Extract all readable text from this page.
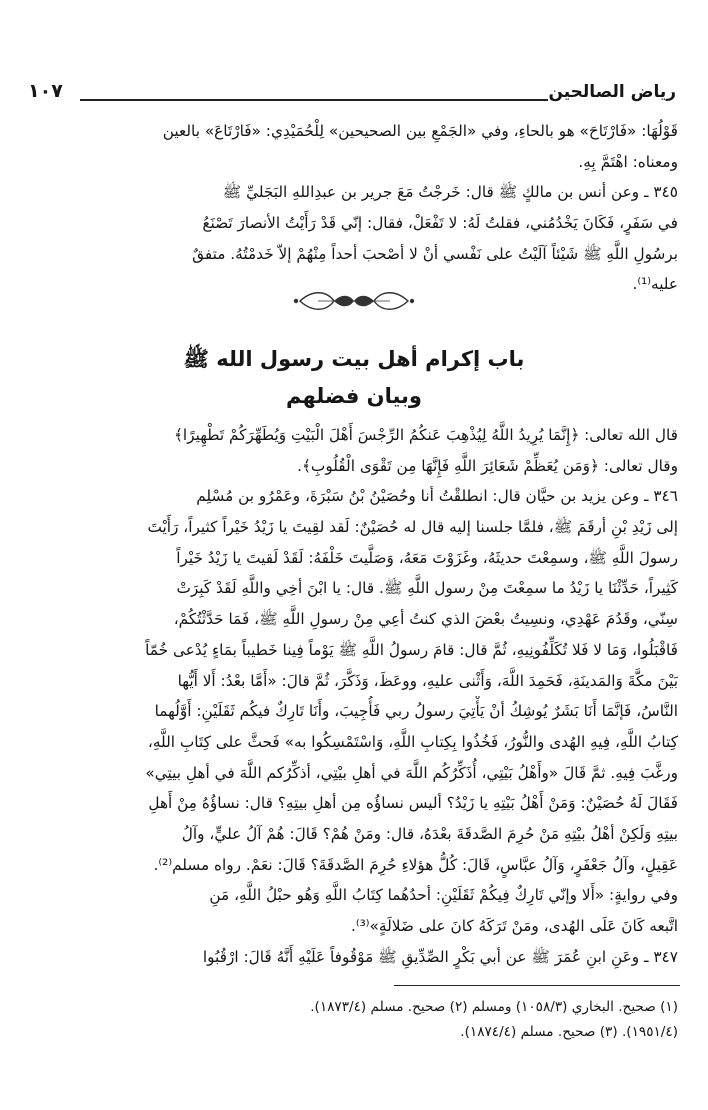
رياض الصالحين
١٠٧
قَوْلُهَا: «فَارْتَاحَ» هو بالحاءِ، وفي «الجَمْعِ بين الصحيحين» لِلْحُمَيْدِي: «فَارْتَاعَ» بالعين
ومعناه: اهْتَمَّ بِهِ.
٣٤٥ ـ وعن أنس بن مالكٍ ﷺ قال: خَرجْتُ مَعَ جرير بن عبدِاللهِ البَجَليِّ ﷺ
في سَفَرٍ، فَكَانَ يَخْدُمُني، فقلتُ لَهُ: لا تَفْعَلْ، فقال: إنّي قَدْ رَأَيْتُ الأنصارَ تَصْنَعُ
برسُولِ اللَّهِ ﷺ شَيْئاً آلَيْتُ على نَفْسي أنْ لا أصْحبَ أحداً مِنْهُمْ إلاّ خَدمْتُهُ. متفقٌ
عليه⁽¹⁾.
باب إكرام أهل بيت رسول الله ﷺ
وبيان فضلهم
قال الله تعالى: ﴿إِنَّمَا يُرِيدُ اللَّهُ لِيُذْهِبَ عَنكُمُ الرِّجْسَ أَهْلَ الْبَيْتِ وَيُطَهِّرَكُمْ تَطْهِيرًا﴾
وقال تعالى: ﴿وَمَن يُعَظِّمْ شَعَائِرَ اللَّهِ فَإِنَّهَا مِن تَقْوَى الْقُلُوبِ﴾.
٣٤٦ ـ وعن يزيد بن حيَّان قال: انطلقْتُ أنا وحُصَيْنُ بْنُ سَبْرَةَ، وعَمْرُو بن مُسْلِم
إلى زَيْدِ بْنِ أرقَمَ ﷺ، فلمَّا جلسنا إليه قال له حُصَيْنٌ: لَقد لقِيتَ يا زَيْدُ خَيْراً كثيراً، رَأَيْتَ
رسولَ اللَّهِ ﷺ، وسمِعْتَ حديثَهُ، وغَزَوْتَ مَعَهُ، وَصَلَّيتَ خَلْفَهُ: لَقَدْ لَقيتَ يا زَيْدُ خَيْراً
كَثِيراً، حَدِّثْنَا يا زَيْدُ ما سمِعْتَ مِنْ رسول اللَّهِ ﷺ. قال: يا ابْنَ أخِي واللَّهِ لَقَدْ كَبِرَتْ
سِنّي، وقَدُمَ عَهْدِي، ونسِيتُ بعْضَ الذي كنتُ أعِي مِنْ رسولِ اللَّهِ ﷺ، فَمَا حَدَّثْتُكُمْ،
فَاقْبَلُوا، وَمَا لا فَلا تُكَلِّفُونِيهِ، ثُمَّ قال: قامَ رسولُ اللَّهِ ﷺ يَوْماً فِينا خَطيباً بمَاءٍ يُدْعى خُمّاً
بَيْنَ مكَّةَ وَالمَدينَةِ، فَحَمِدَ اللَّهَ، وَأَثْنى عليهِ، ووعَظَ، وَذَكَّرَ، ثُمَّ قالَ: «أَمَّا بعْدُ: أَلا أَيُّها
النَّاسُ، فَإنَّمَا أَنَا بَشَرٌ يُوشِكُ أنْ يَأْتِيَ رسولُ ربي فَأُجِيبَ، وأَنَا تَارِكٌ فيكُم ثَقَلَيْنِ: أَوَّلُهما
كِتابُ اللَّهِ، فِيهِ الهُدى والنُّورُ، فَخُذُوا بِكِتابِ اللَّهِ، وَاسْتَمْسِكُوا به» فَحثَّ على كِتَابِ اللَّهِ،
ورغَّبَ فِيهِ. ثمَّ قَالَ «وأَهْلُ بَيْتِي، أُذَكِّرُكُم اللَّهَ في أهلِ بيْتِي، أذكِّرُكم اللَّهَ في أهلِ بيتِي»
فَقَالَ لَهُ حُصَيْنٌ: وَمَنْ أَهْلُ بَيْتِهِ يا زَيْدُ؟ أليس نساؤُه مِن أهلِ بيتِهِ؟ قال: نساؤُهُ مِنْ أَهلِ
بيتِهِ وَلَكِنْ أهْلُ بيْتِهِ مَنْ حُرِمَ الصَّدقَةَ بعْدَهُ، قال: ومَنْ هُمْ؟ قَالَ: هُمْ آلُ عليٍّ، وآلُ
عَقِيلٍ، وآلُ جَعْفَرٍ، وَآلُ عبَّاسٍ، قَالَ: كُلُّ هؤلاءِ حُرِمَ الصَّدقَةَ؟ قَالَ: نعَمْ. رواه مسلم⁽²⁾.
وفي روايةٍ: «أَلا وإنّي تَارِكٌ فِيكُمْ ثَقَلَيْنِ: أحدُهُما كِتَابُ اللَّهِ وَهُو حبْلُ اللَّهِ، مَنِ
اتَّبعه كَانَ عَلَى الهُدى، ومَنْ تَرَكَهُ كانَ على ضَلالَةٍ»⁽³⁾.
٣٤٧ ـ وعَنِ ابنِ عُمَرَ ﷺ عن أبي بَكْرٍ الصِّدِّيقِ ﷺ مَوْقُوفاً عَلَيْهِ أَنَّهُ قَالَ: ارْقُبُوا
(١) صحيح. البخاري (١٠٥٨/٣) ومسلم (٢) صحيح. مسلم (١٨٧٣/٤).
(١٩٥١/٤). (٣) صحيح. مسلم (١٨٧٤/٤).
